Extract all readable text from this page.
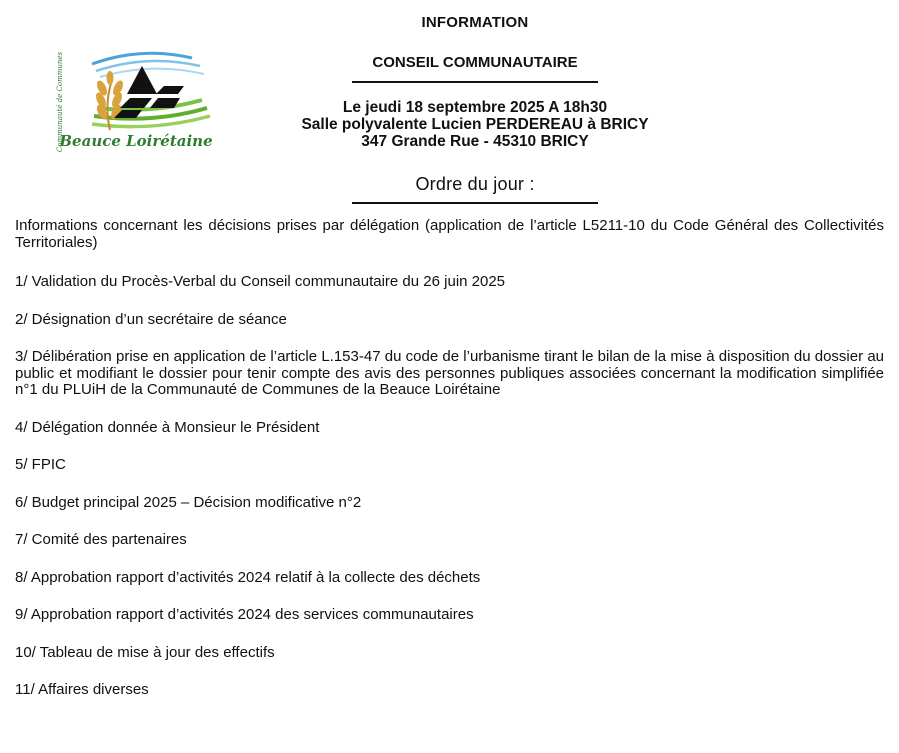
Communauté de Communes
Beauce Loirétaine
INFORMATION
CONSEIL COMMUNAUTAIRE
Le jeudi 18 septembre 2025 A 18h30
Salle polyvalente Lucien PERDEREAU à BRICY
347 Grande Rue - 45310 BRICY
Ordre du jour :

Informations concernant les décisions prises par délégation (application de l’article L5211-10 du Code Général des Collectivités Territoriales)

1/ Validation du Procès-Verbal du Conseil communautaire du 26 juin 2025

2/ Désignation d’un secrétaire de séance

3/ Délibération prise en application de l’article L.153-47 du code de l’urbanisme tirant le bilan de la mise à disposition du dossier au public et modifiant le dossier pour tenir compte des avis des personnes publiques associées concernant la modification simplifiée n°1 du PLUiH de la Communauté de Communes de la Beauce Loirétaine

4/ Délégation donnée à Monsieur le Président

5/ FPIC

6/ Budget principal 2025 – Décision modificative n°2

7/ Comité des partenaires

8/ Approbation rapport d’activités 2024 relatif à la collecte des déchets

9/ Approbation rapport d’activités 2024 des services communautaires

10/ Tableau de mise à jour des effectifs

11/ Affaires diverses
